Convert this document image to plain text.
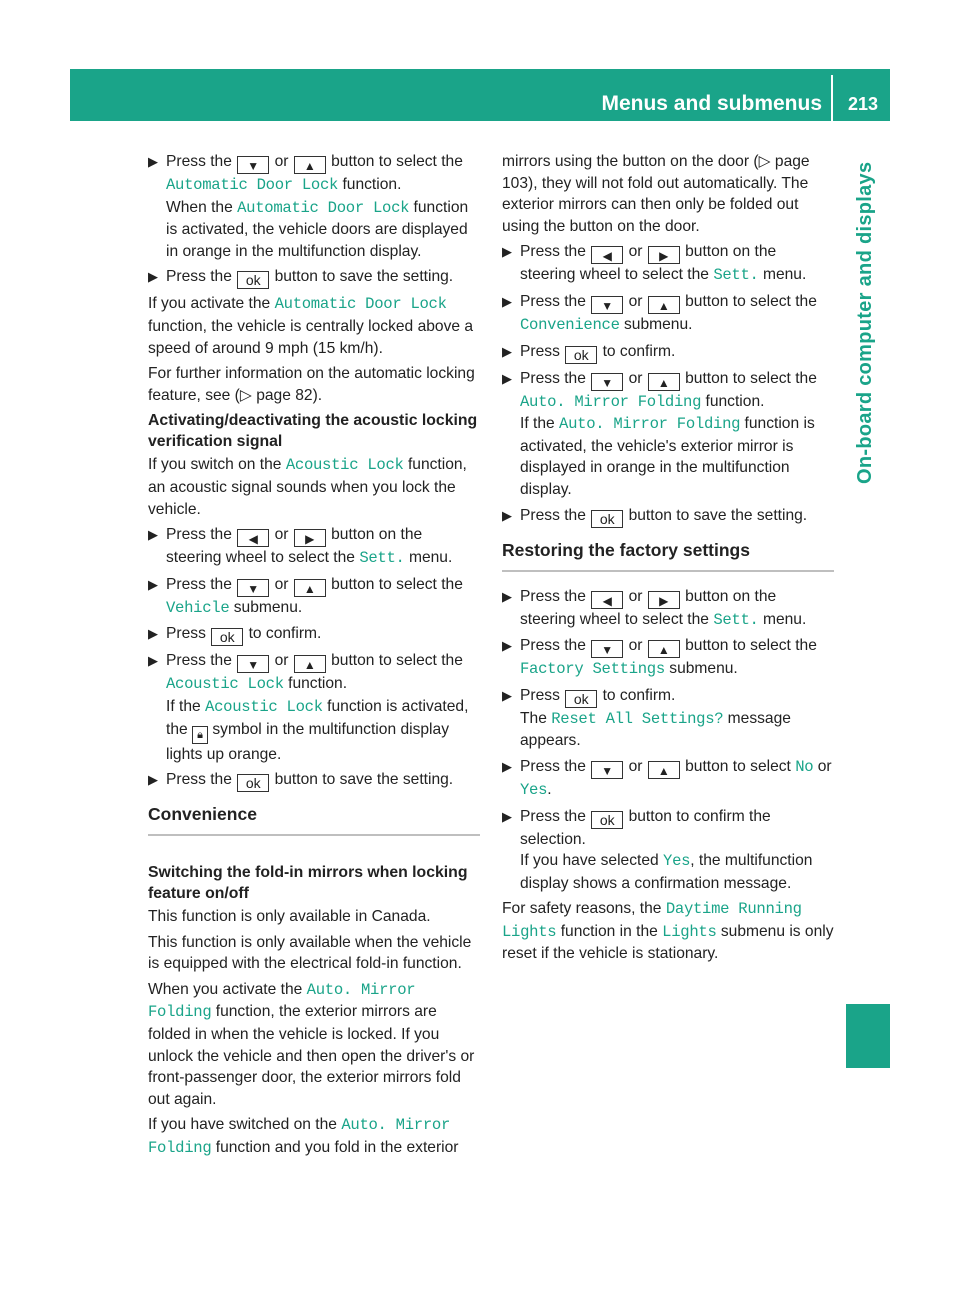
Menus and submenus	213
On-board computer and displays
▶ Press the ▼ or ▲ button to select the Automatic Door Lock function.
When the Automatic Door Lock function is activated, the vehicle doors are displayed in orange in the multifunction display.
▶ Press the ok button to save the setting.

If you activate the Automatic Door Lock function, the vehicle is centrally locked above a speed of around 9 mph (15 km/h).

For further information on the automatic locking feature, see (▷ page 82).

Activating/deactivating the acoustic locking verification signal

If you switch on the Acoustic Lock function, an acoustic signal sounds when you lock the vehicle.

▶ Press the ◀ or ▶ button on the steering wheel to select the Sett. menu.
▶ Press the ▼ or ▲ button to select the Vehicle submenu.
▶ Press ok to confirm.
▶ Press the ▼ or ▲ button to select the Acoustic Lock function.
If the Acoustic Lock function is activated, the 🔒︎ symbol in the multifunction display lights up orange.
▶ Press the ok button to save the setting.
Convenience
Switching the fold-in mirrors when locking feature on/off

This function is only available in Canada.

This function is only available when the vehicle is equipped with the electrical fold-in function.

When you activate the Auto. Mirror Folding function, the exterior mirrors are folded in when the vehicle is locked. If you unlock the vehicle and then open the driver's or front-passenger door, the exterior mirrors fold out again.

If you have switched on the Auto. Mirror Folding function and you fold in the exterior

mirrors using the button on the door (▷ page 103), they will not fold out automatically. The exterior mirrors can then only be folded out using the button on the door.

▶ Press the ◀ or ▶ button on the steering wheel to select the Sett. menu.
▶ Press the ▼ or ▲ button to select the Convenience submenu.
▶ Press ok to confirm.
▶ Press the ▼ or ▲ button to select the Auto. Mirror Folding function.
If the Auto. Mirror Folding function is activated, the vehicle's exterior mirror is displayed in orange in the multifunction display.
▶ Press the ok button to save the setting.
Restoring the factory settings
▶ Press the ◀ or ▶ button on the steering wheel to select the Sett. menu.
▶ Press the ▼ or ▲ button to select the Factory Settings submenu.
▶ Press ok to confirm.
The Reset All Settings? message appears.
▶ Press the ▼ or ▲ button to select No or Yes.
▶ Press the ok button to confirm the selection.
If you have selected Yes, the multifunction display shows a confirmation message.

For safety reasons, the Daytime Running Lights function in the Lights submenu is only reset if the vehicle is stationary.
